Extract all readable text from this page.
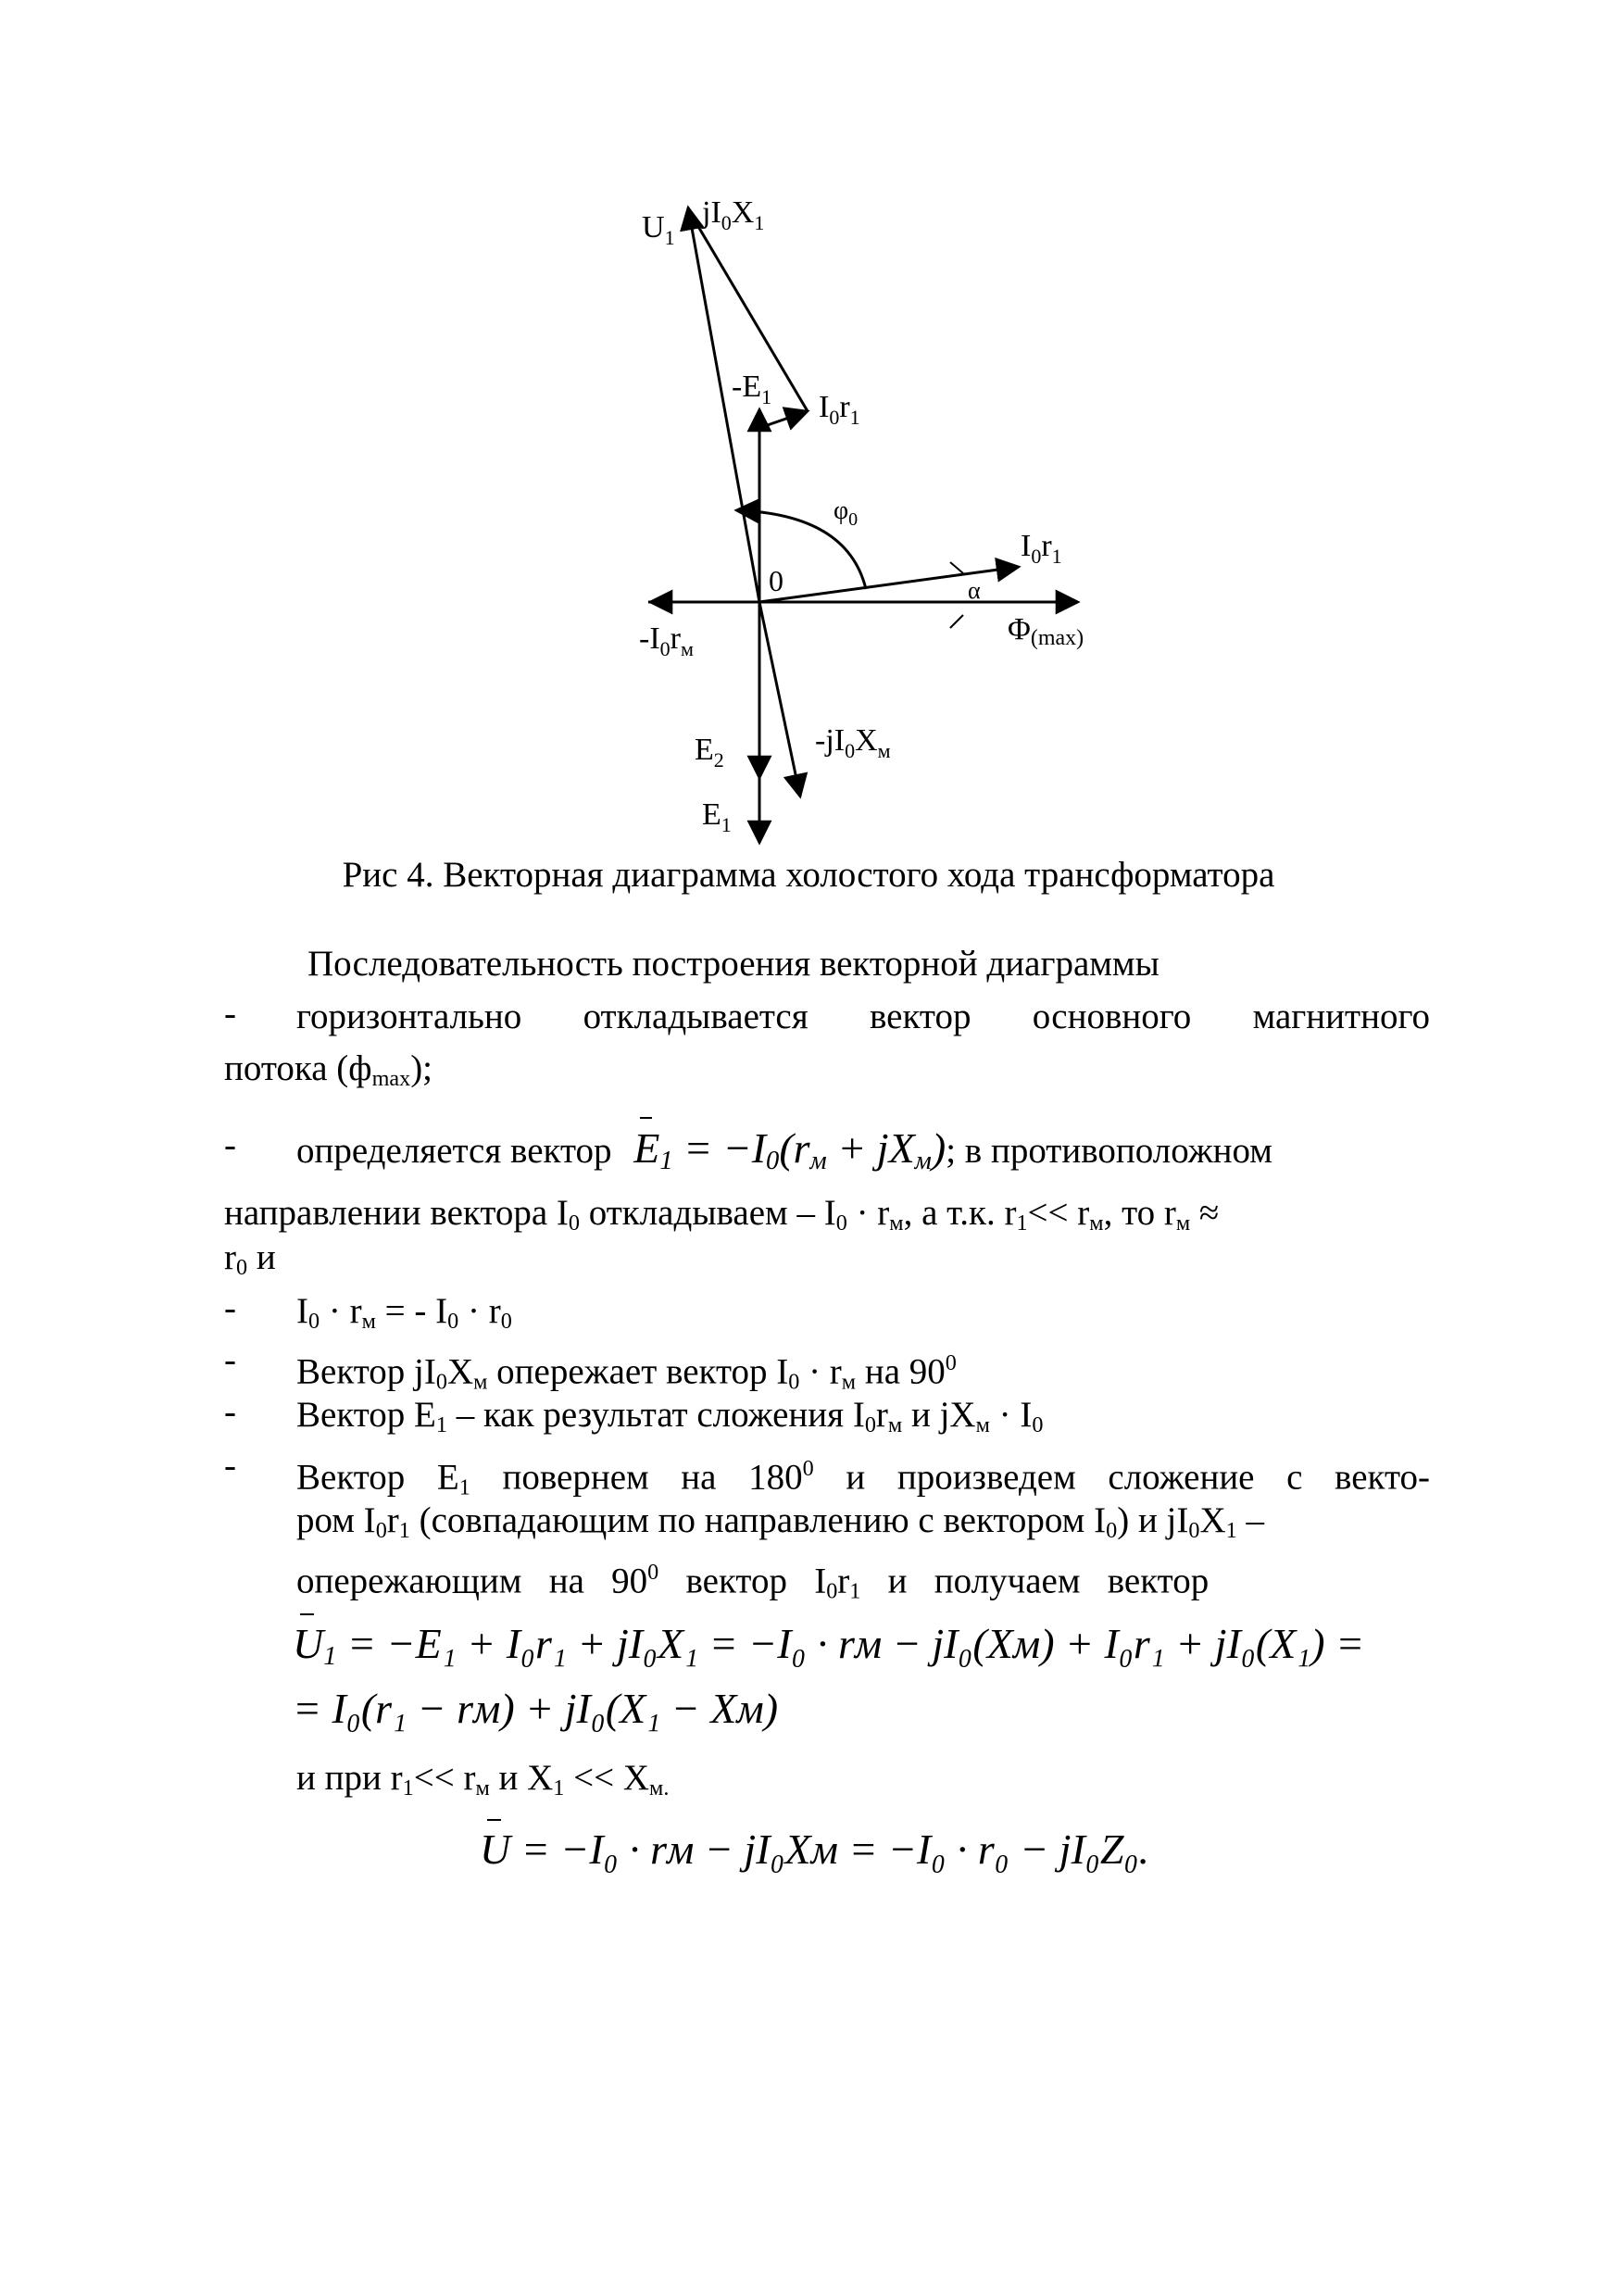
$U_1$
$jI_0X_1$
$-E_1$ $I_0r_1$
$\varphi_0$
$I_0r_1$
0	α
$-I_0r_м$
Φ(max)
$E_2$
$-jI_0X_м$
$E_1$
Рис 4. Векторная диаграмма холостого хода трансформатора
Последовательность построения векторной диаграммы
- горизонтально откладывается вектор основного магнитного
потока $(ф_{max})$;
- определяется вектор $E_1 = -I_0(r_м + jX_м)$; в противоположном
направлении вектора $I_0$ откладываем – $I_0 \cdot r_м$, а т.к. $r_1<< r_м$, то $r_м$ ≈
$r_0$ и
- $I_0 \cdot r_м$ = - $I_0 \cdot r_0$
- Вектор $jI_0X_м$ опережает вектор $I_0 \cdot r_м$ на $90^0$
- Вектор $E_1$ – как результат сложения $I_0r_м$ и $jX_м \cdot I_0$
- Вектор $E_1$ повернем на $180^0$ и произведем сложение с векто-
ром $I_0r_1$ (совпадающим по направлению с вектором $I_0$) и $jI_0X_1$ –
опережающим   на   $90^0$   вектор   $I_0r_1$   и   получаем   вектор
$U_1 = -E_1 + I_0r_1 + jI_0X_1 = -I_0$ · rм − jI₀(Xм) + I₀r₁ + jI₀(X₁) =
= I₀(r₁ − rм) + jI₀(X₁ − Xм)
и при $r_1<< r_м$ и $X_1 << X_{м.}$
U = −I₀ · rм − jI₀Xм = −I₀ · r₀ − jI₀Z₀.
